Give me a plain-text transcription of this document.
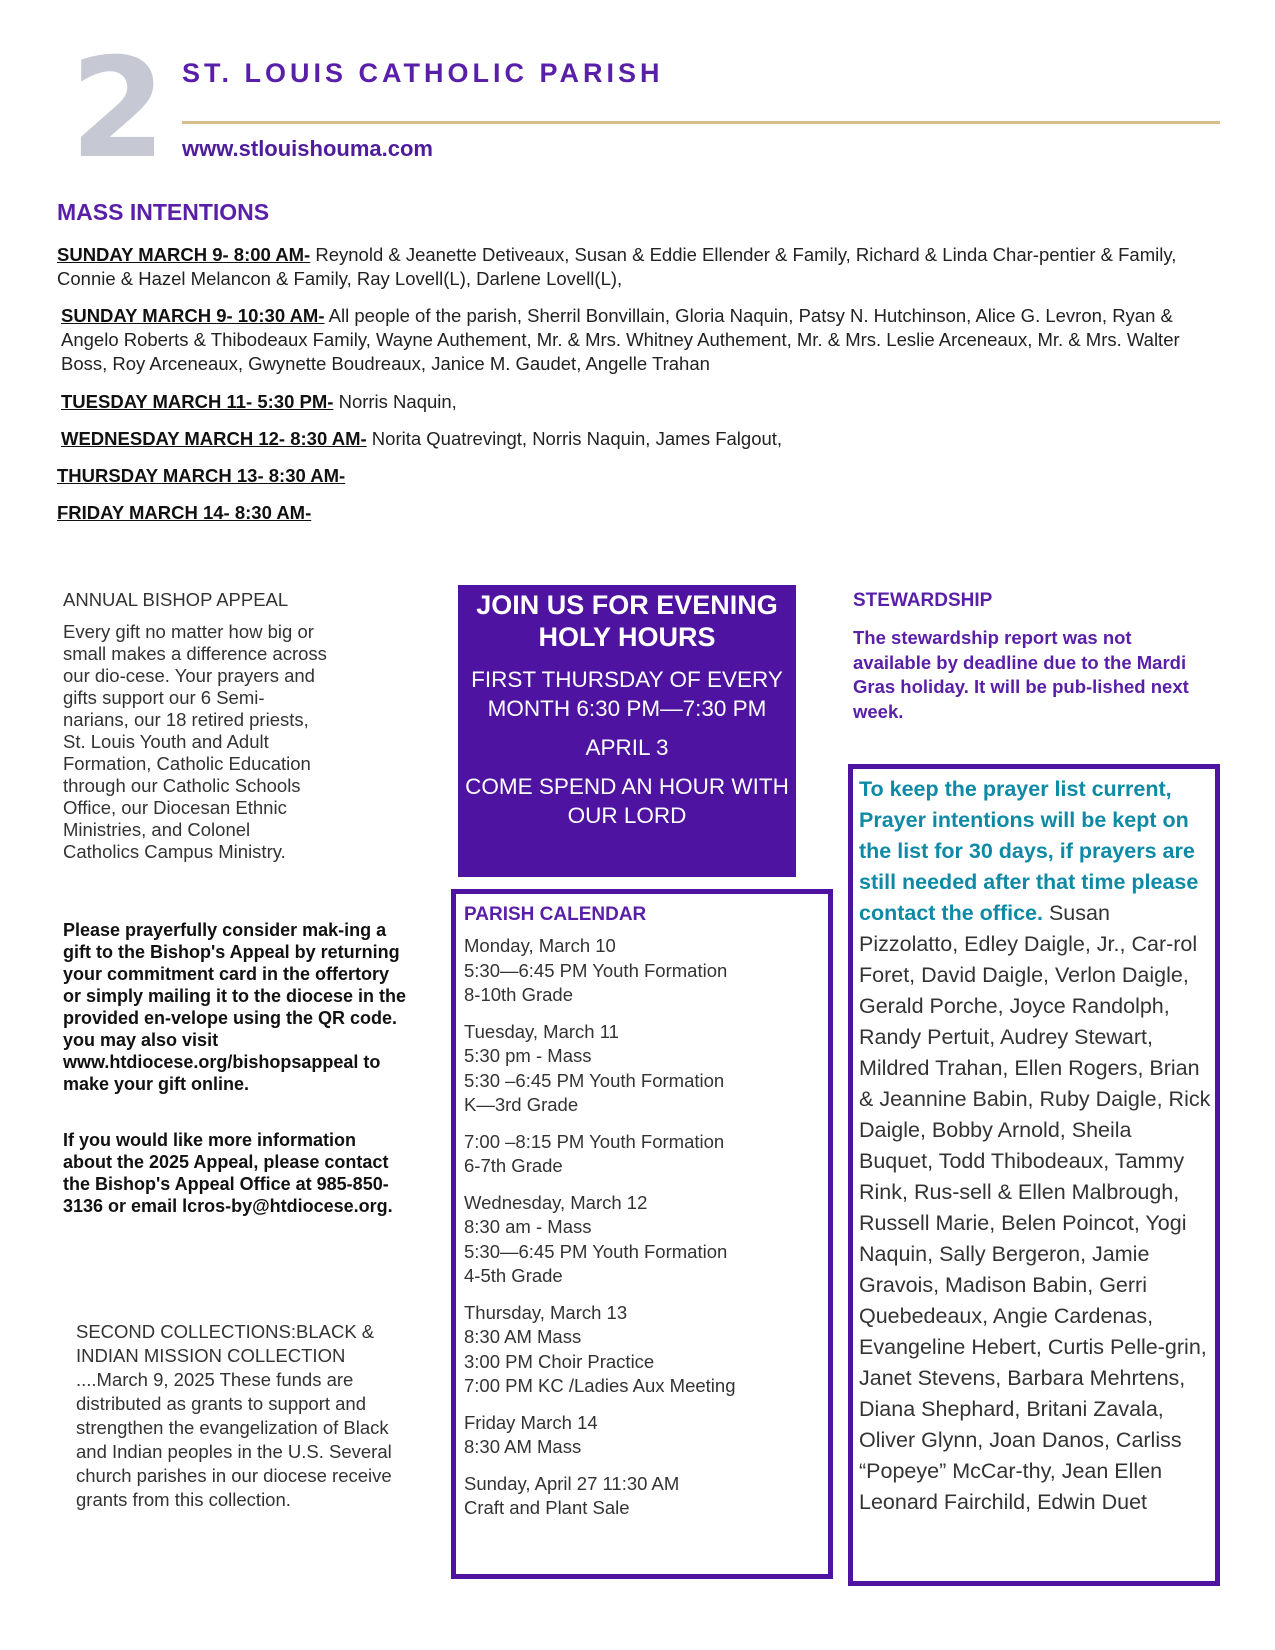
2 ST. LOUIS CATHOLIC PARISH
www.stlouishouma.com
MASS INTENTIONS
SUNDAY MARCH 9- 8:00 AM- Reynold & Jeanette Detiveaux, Susan & Eddie Ellender & Family, Richard & Linda Char-pentier & Family, Connie & Hazel Melancon & Family, Ray Lovell(L), Darlene Lovell(L),
SUNDAY MARCH 9- 10:30 AM- All people of the parish, Sherril Bonvillain, Gloria Naquin, Patsy N. Hutchinson, Alice G. Levron, Ryan & Angelo Roberts & Thibodeaux Family, Wayne Authement, Mr. & Mrs. Whitney Authement, Mr. & Mrs. Leslie Arceneaux, Mr. & Mrs. Walter Boss, Roy Arceneaux, Gwynette Boudreaux, Janice M. Gaudet, Angelle Trahan
TUESDAY MARCH 11- 5:30 PM- Norris Naquin,
WEDNESDAY MARCH 12- 8:30 AM- Norita Quatrevingt, Norris Naquin, James Falgout,
THURSDAY MARCH 13- 8:30 AM-
FRIDAY MARCH 14- 8:30 AM-
ANNUAL BISHOP APPEAL
Every gift no matter how big or small makes a difference across our dio-cese. Your prayers and gifts support our 6 Semi-narians, our 18 retired priests, St. Louis Youth and Adult Formation, Catholic Education through our Catholic Schools Office, our Diocesan Ethnic Ministries, and Colonel Catholics Campus Ministry.
Please prayerfully consider mak-ing a gift to the Bishop's Appeal by returning your commitment card in the offertory or simply mailing it to the diocese in the provided en-velope using the QR code. you may also visit www.htdiocese.org/bishopsappeal to make your gift online.
If you would like more information about the 2025 Appeal, please contact the Bishop's Appeal Office at 985-850-3136 or email lcros-by@htdiocese.org.
SECOND COLLECTIONS:BLACK & INDIAN MISSION COLLECTION ....March 9, 2025 These funds are distributed as grants to support and strengthen the evangelization of Black and Indian peoples in the U.S. Several church parishes in our diocese receive grants from this collection.
JOIN US FOR EVENING HOLY HOURS
FIRST THURSDAY OF EVERY MONTH 6:30 PM—7:30 PM
APRIL 3
COME SPEND AN HOUR WITH OUR LORD
PARISH CALENDAR
Monday, March 10
5:30—6:45 PM Youth Formation
8-10th Grade
Tuesday, March 11
5:30 pm - Mass
5:30 –6:45 PM Youth Formation
K—3rd Grade
7:00 –8:15 PM Youth Formation
6-7th Grade
Wednesday, March 12
8:30 am - Mass
5:30—6:45 PM Youth Formation
4-5th Grade
Thursday, March 13
8:30 AM Mass
3:00 PM Choir Practice
7:00 PM KC /Ladies Aux Meeting
Friday March 14
8:30 AM Mass
Sunday, April 27 11:30 AM
Craft and Plant Sale
STEWARDSHIP
The stewardship report was not available by deadline due to the Mardi Gras holiday. It will be pub-lished next week.
To keep the prayer list current, Prayer intentions will be kept on the list for 30 days, if prayers are still needed after that time please contact the office. Susan Pizzolatto, Edley Daigle, Jr., Car-rol Foret, David Daigle, Verlon Daigle, Gerald Porche, Joyce Randolph, Randy Pertuit, Audrey Stewart, Mildred Trahan, Ellen Rogers, Brian & Jeannine Babin, Ruby Daigle, Rick Daigle, Bobby Arnold, Sheila Buquet, Todd Thibodeaux, Tammy Rink, Rus-sell & Ellen Malbrough, Russell Marie, Belen Poincot, Yogi Naquin, Sally Bergeron, Jamie Gravois, Madison Babin, Gerri Quebedeaux, Angie Cardenas, Evangeline Hebert, Curtis Pelle-grin, Janet Stevens, Barbara Mehrtens, Diana Shephard, Britani Zavala, Oliver Glynn, Joan Danos, Carliss “Popeye” McCar-thy, Jean Ellen Leonard Fairchild, Edwin Duet
